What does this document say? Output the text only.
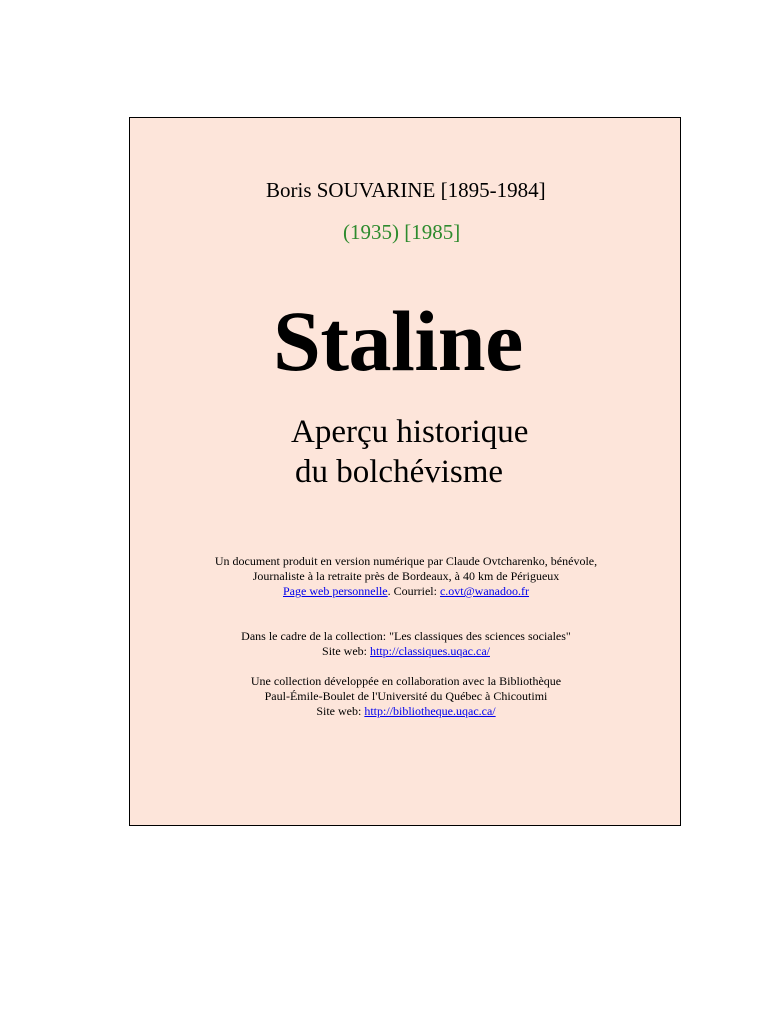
Boris SOUVARINE [1895-1984]
(1935) [1985]
Staline
Aperçu historique
du bolchévisme
Un document produit en version numérique par Claude Ovtcharenko, bénévole,
Journaliste à la retraite près de Bordeaux, à 40 km de Périgueux
Page web personnelle. Courriel: c.ovt@wanadoo.fr
Dans le cadre de la collection: "Les classiques des sciences sociales"
Site web: http://classiques.uqac.ca/
Une collection développée en collaboration avec la Bibliothèque
Paul-Émile-Boulet de l'Université du Québec à Chicoutimi
Site web: http://bibliotheque.uqac.ca/
